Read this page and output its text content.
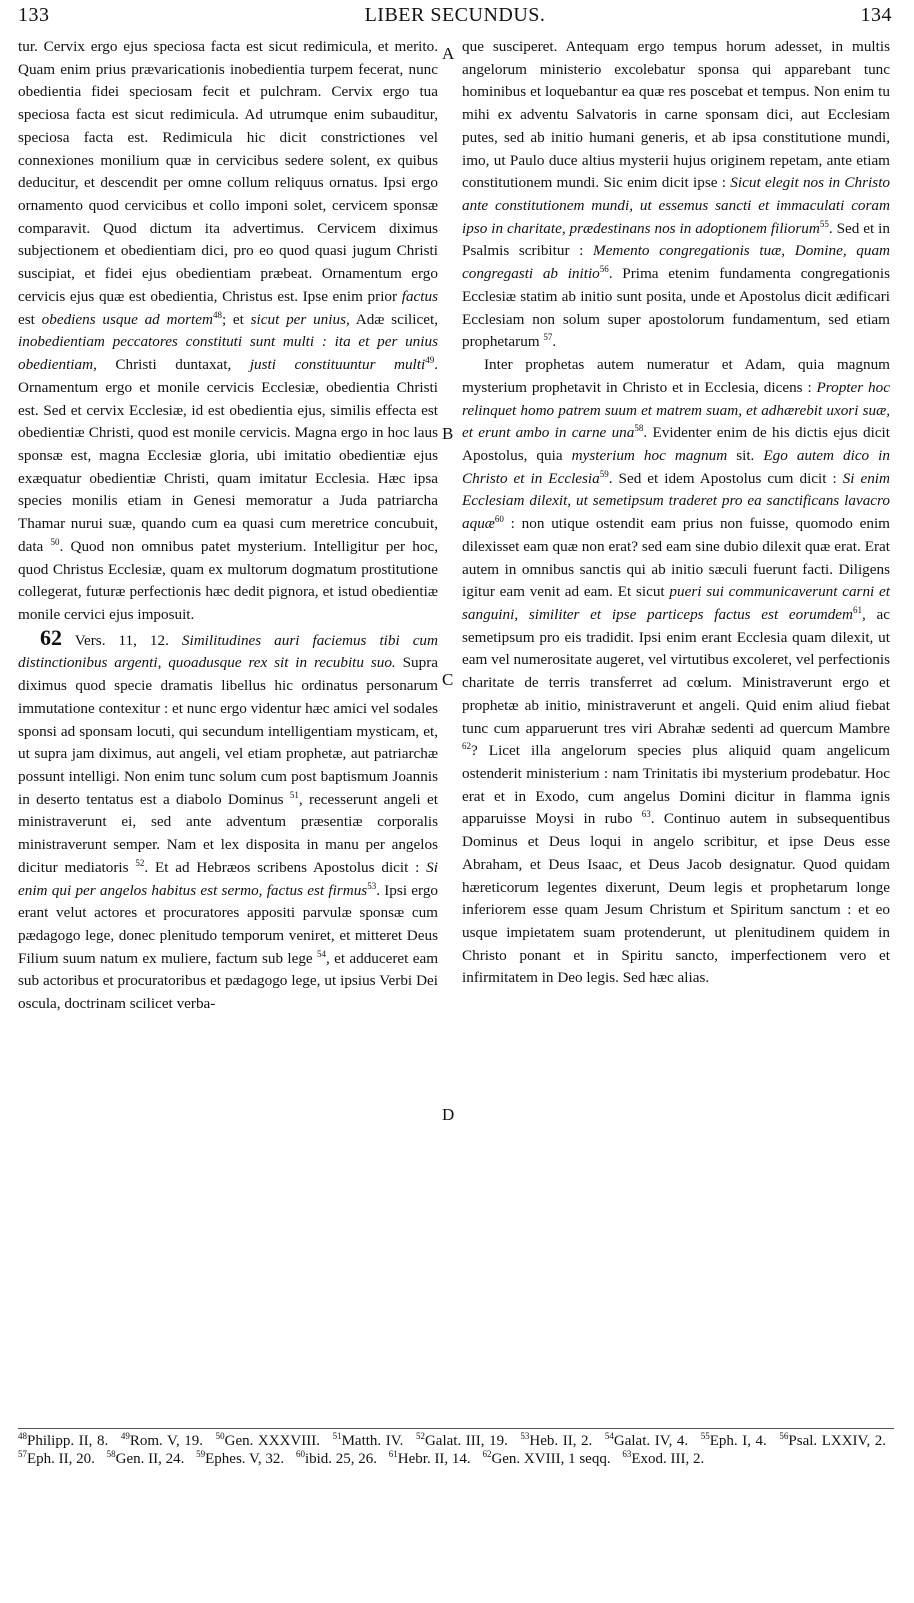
133	LIBER SECUNDUS.	134

tur. Cervix ergo ejus speciosa facta est sicut redimicula, et merito. Quam enim prius prævaricationis inobedientia turpem fecerat, nunc obedientia fidei speciosam fecit et pulchram. Cervix ergo tua speciosa facta est sicut redimicula. Ad utrumque enim subauditur, speciosa facta est. Redimicula hic dicit constrictiones vel connexiones monilium quæ in cervicibus sedere solent, ex quibus deducitur, et descendit per omne collum reliquus ornatus. Ipsi ergo ornamento quod cervicibus et collo imponi solet, cervicem sponsæ comparavit. Quod dictum ita advertimus. Cervicem diximus subjectionem et obedientiam dici, pro eo quod quasi jugum Christi suscipiat, et fidei ejus obedientiam præbeat. Ornamentum ergo cervicis ejus quæ est obedientia, Christus est. Ipse enim prior factus est obediens usque ad mortem$^{48}$; et sicut per unius, Adæ scilicet, inobedientiam peccatores constituti sunt multi : ita et per unius obedientiam, Christi duntaxat, justi constituuntur multi$^{49}$. Ornamentum ergo et monile cervicis Ecclesiæ, obedientia Christi est. Sed et cervix Ecclesiæ, id est obedientia ejus, similis effecta est obedientiæ Christi, quod est monile cervicis. Magna ergo in hoc laus sponsæ est, magna Ecclesiæ gloria, ubi imitatio obedientiæ ejus exæquatur obedientiæ Christi, quam imitatur Ecclesia. Hæc ipsa species monilis etiam in Genesi memoratur a Juda patriarcha Thamar nurui suæ, quando cum ea quasi cum meretrice concubuit, data $^{50}$. Quod non omnibus patet mysterium. Intelligitur per hoc, quod Christus Ecclesiæ, quam ex multorum dogmatum prostitutione collegerat, futuræ perfectionis hæc dedit pignora, et istud obedientiæ monile cervici ejus imposuit.

62 Vers. 11, 12. Similitudines auri faciemus tibi cum distinctionibus argenti, quoadusque rex sit in recubitu suo. Supra diximus quod specie dramatis libellus hic ordinatus personarum immutatione contexitur : et nunc ergo videntur hæc amici vel sodales sponsi ad sponsam locuti, qui secundum intelligentiam mysticam, et, ut supra jam diximus, aut angeli, vel etiam prophetæ, aut patriarchæ possunt intelligi. Non enim tunc solum cum post baptismum Joannis in deserto tentatus est a diabolo Dominus $^{51}$, recesserunt angeli et ministraverunt ei, sed ante adventum præsentiæ corporalis ministraverunt semper. Nam et lex disposita in manu per angelos dicitur mediatoris $^{52}$. Et ad Hebræos scribens Apostolus dicit : Si enim qui per angelos habitus est sermo, factus est firmus$^{53}$. Ipsi ergo erant velut actores et procuratores appositi parvulæ sponsæ cum pædagogo lege, donec plenitudo temporum veniret, et mitteret Deus Filium suum natum ex muliere, factum sub lege $^{54}$, et adduceret eam sub actoribus et procuratoribus et pædagogo lege, ut ipsius Verbi Dei oscula, doctrinam scilicet verba-

que susciperet. Antequam ergo tempus horum adesset, in multis angelorum ministerio excolebatur sponsa qui apparebant tunc hominibus et loquebantur ea quæ res poscebat et tempus. Non enim tu mihi ex adventu Salvatoris in carne sponsam dici, aut Ecclesiam putes, sed ab initio humani generis, et ab ipsa constitutione mundi, imo, ut Paulo duce altius mysterii hujus originem repetam, ante etiam constitutionem mundi. Sic enim dicit ipse : Sicut elegit nos in Christo ante constitutionem mundi, ut essemus sancti et immaculati coram ipso in charitate, prædestinans nos in adoptionem filiorum$^{55}$. Sed et in Psalmis scribitur : Memento congregationis tuæ, Domine, quam congregasti ab initio$^{56}$. Prima etenim fundamenta congregationis Ecclesiæ statim ab initio sunt posita, unde et Apostolus dicit ædificari Ecclesiam non solum super apostolorum fundamentum, sed etiam prophetarum $^{57}$.

Inter prophetas autem numeratur et Adam, quia magnum mysterium prophetavit in Christo et in Ecclesia, dicens : Propter hoc relinquet homo patrem suum et matrem suam, et adhærebit uxori suæ, et erunt ambo in carne una$^{58}$. Evidenter enim de his dictis ejus dicit Apostolus, quia mysterium hoc magnum sit. Ego autem dico in Christo et in Ecclesia$^{59}$. Sed et idem Apostolus cum dicit : Si enim Ecclesiam dilexit, ut semetipsum traderet pro ea sanctificans lavacro aquæ$^{60}$ : non utique ostendit eam prius non fuisse, quomodo enim dilexisset eam quæ non erat? sed eam sine dubio dilexit quæ erat. Erat autem in omnibus sanctis qui ab initio sæculi fuerunt facti. Diligens igitur eam venit ad eam. Et sicut pueri sui communicaverunt carni et sanguini, similiter et ipse particeps factus est eorumdem$^{61}$, ac semetipsum pro eis tradidit. Ipsi enim erant Ecclesia quam dilexit, ut eam vel numerositate augeret, vel virtutibus excoleret, vel perfectionis charitate de terris transferret ad cœlum. Ministraverunt ergo et prophetæ ab initio, ministraverunt et angeli. Quid enim aliud fiebat tunc cum apparuerunt tres viri Abrahæ sedenti ad quercum Mambre $^{62}$? Licet illa angelorum species plus aliquid quam angelicum ostenderit ministerium : nam Trinitatis ibi mysterium prodebatur. Hoc erat et in Exodo, cum angelus Domini dicitur in flamma ignis apparuisse Moysi in rubo $^{63}$. Continuo autem in subsequentibus Dominus et Deus loqui in angelo scribitur, et ipse Deus esse Abraham, et Deus Isaac, et Deus Jacob designatur. Quod quidam hæreticorum legentes dixerunt, Deum legis et prophetarum longe inferiorem esse quam Jesum Christum et Spiritum sanctum : et eo usque impietatem suam protenderunt, ut plenitudinem quidem in Christo ponant et in Spiritu sancto, imperfectionem vero et infirmitatem in Deo legis. Sed hæc alias.

A
B
C
D
$^{48}$Philipp. II, 8. $^{49}$Rom. V, 19. $^{50}$Gen. XXXVIII. $^{51}$Matth. IV. $^{52}$Galat. III, 19. $^{53}$Heb. II, 2. $^{54}$Galat. IV, 4. $^{55}$Eph. I, 4. $^{56}$Psal. LXXIV, 2. $^{57}$Eph. II, 20. $^{58}$Gen. II, 24. $^{59}$Ephes. V, 32. $^{60}$ibid. 25, 26. $^{61}$Hebr. II, 14. $^{62}$Gen. XVIII, 1 seqq. $^{63}$Exod. III, 2.
